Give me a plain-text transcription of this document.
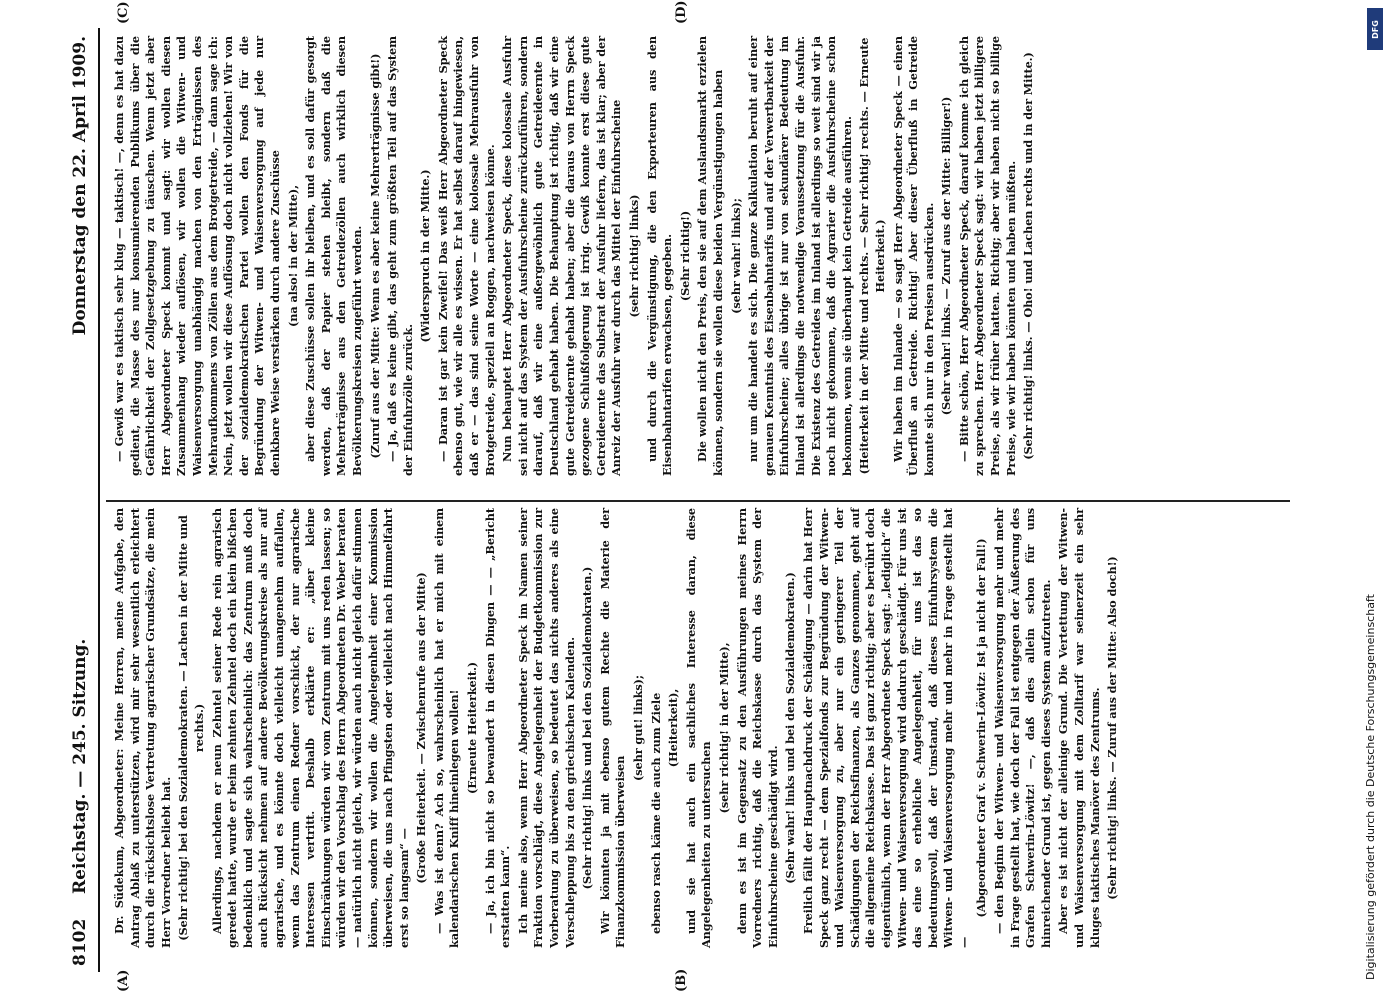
8102
Reichstag. — 245. Sitzung.
Donnerstag den 22. April 1909.
(A)	(B)
(C)	(D)

Dr. Südekum, Abgeordneter: Meine Herren, meine Aufgabe, den Antrag Ablaß zu unterstützen, wird mir sehr wesentlich erleichtert durch die rücksichtslose Vertretung agrarischer Grundsätze, die mein Herr Vorredner beliebt hat. (Sehr richtig! bei den Sozialdemokraten. — Lachen in der Mitte und rechts.) Allerdings, nachdem er neun Zehntel seiner Rede rein agrarisch geredet hatte, wurde er beim zehnten Zehntel doch ein klein bißchen bedenklich und sagte sich wahrscheinlich: das Zentrum muß doch auch Rücksicht nehmen auf andere Bevölkerungskreise als nur auf agrarische, und es könnte doch vielleicht unangenehm auffallen, wenn das Zentrum einen Redner vorschickt, der nur agrarische Interessen vertritt. Deshalb erklärte er: „über kleine Einschränkungen würden wir vom Zentrum mit uns reden lassen; so würden wir den Vorschlag des Herrn Abgeordneten Dr. Weber beraten — natürlich nicht gleich, wir würden auch nicht gleich dafür stimmen können, sondern wir wollen die Angelegenheit einer Kommission überweisen, die uns nach Pfingsten oder vielleicht nach Himmelfahrt erst so langsam“ —

(Große Heiterkeit. — Zwischenrufe aus der Mitte) — Was ist denn? Ach so, wahrscheinlich hat er mich mit einem kalendarischen Kniff hineinlegen wollen! (Erneute Heiterkeit.) — Ja, ich bin nicht so bewandert in diesen Dingen — — „Bericht erstatten kann“. Ich meine also, wenn Herr Abgeordneter Speck im Namen seiner Fraktion vorschlägt, diese Angelegenheit der Budgetkommission zur Vorberatung zu überweisen, so bedeutet das nichts anderes als eine Verschleppung bis zu den griechischen Kalenden. (Sehr richtig! links und bei den Sozialdemokraten.) Wir könnten ja mit ebenso gutem Rechte die Materie der Finanzkommission überweisen

(sehr gut! links); ebenso rasch käme die auch zum Ziele (Heiterkeit), und sie hat auch ein sachliches Interesse daran, diese Angelegenheiten zu untersuchen

(sehr richtig! in der Mitte), denn es ist im Gegensatz zu den Ausführungen meines Herrn Vorredners richtig, daß die Reichskasse durch das System der Einfuhrscheine geschädigt wird. (Sehr wahr! links und bei den Sozialdemokraten.) Freilich fällt der Hauptnachdruck der Schädigung — darin hat Herr Speck ganz recht — dem Spezialfonds zur Begründung der Witwen- und Waisenversorgung zu, aber nur ein geringerer Teil der Schädigungen der Reichsfinanzen, als Ganzes genommen, geht auf die allgemeine Reichskasse. Das ist ganz richtig; aber es berührt doch eigentümlich, wenn der Herr Abgeordnete Speck sagt: „lediglich“ die Witwen- und Waisenversorgung wird dadurch geschädigt. Für uns ist das eine so erhebliche Angelegenheit, für uns ist das so bedeutungsvoll, daß der Umstand, daß dieses Einfuhrsystem die Witwen- und Waisenversorgung mehr und mehr in Frage gestellt hat —

(Abgeordneter Graf v. Schwerin-Löwitz: Ist ja nicht der Fall!) — den Beginn der Witwen- und Waisenversorgung mehr und mehr in Frage gestellt hat, wie doch der Fall ist entgegen der Äußerung des Grafen Schwerin-Löwitz! —, daß dies allein schon für uns hinreichender Grund ist, gegen dieses System aufzutreten. Aber es ist nicht der alleinige Grund. Die Vertettung der Witwen- und Waisenversorgung mit dem Zolltarif war seinerzeit ein sehr kluges taktisches Manöver des Zentrums. (Sehr richtig! links. — Zuruf aus der Mitte: Also doch!)

— Gewiß war es taktisch sehr klug — taktisch! —, denn es hat dazu gedient, die Masse des nur konsumierenden Publikums über die Gefährlichkeit der Zollgesetzgebung zu täuschen. Wenn jetzt aber Herr Abgeordneter Speck kommt und sagt: wir wollen diesen Zusammenhang wieder auflösen, wir wollen die Witwen- und Waisenversorgung unabhängig machen von den Erträgnissen des Mehraufkommens von Zöllen aus dem Brotgetreide, — dann sage ich: Nein, jetzt wollen wir diese Auflösung doch nicht vollziehen! Wir von der sozialdemokratischen Partei wollen den Fonds für die Begründung der Witwen- und Waisenversorgung auf jede nur denkbare Weise verstärken durch andere Zuschüsse (na also! in der Mitte), aber diese Zuschüsse sollen ihr bleiben, und es soll dafür gesorgt werden, daß der Papier stehen bleibt, sondern daß die Mehrerträgnisse aus den Getreidezöllen auch wirklich diesen Bevölkerungskreisen zugeführt werden. (Zuruf aus der Mitte: Wenn es aber keine Mehrerträgnisse gibt!) — Ja, daß es keine gibt, das geht zum größten Teil auf das System der Einfuhrzölle zurück.

(Widerspruch in der Mitte.) — Daran ist gar kein Zweifel! Das weiß Herr Abgeordneter Speck ebenso gut, wie wir alle es wissen. Er hat selbst darauf hingewiesen, daß er — das sind seine Worte — eine kolossale Mehrausfuhr von Brotgetreide, speziell an Roggen, nachweisen könne. Nun behauptet Herr Abgeordneter Speck, diese kolossale Ausfuhr sei nicht auf das System der Ausfuhrscheine zurückzuführen, sondern darauf, daß wir eine außergewöhnlich gute Getreideernte in Deutschland gehabt haben. Die Behauptung ist richtig, daß wir eine gute Getreideernte gehabt haben; aber die daraus von Herrn Speck gezogene Schlußfolgerung ist irrig. Gewiß konnte erst diese gute Getreideernte das Substrat der Ausfuhr liefern, das ist klar; aber der Anreiz der Ausfuhr war durch das Mittel der Einfuhrscheine (sehr richtig! links) und durch die Vergünstigung, die den Exporteuren aus den Eisenbahntarifen erwachsen, gegeben. (Sehr richtig!) Die wollen nicht den Preis, den sie auf dem Auslandsmarkt erzielen können, sondern sie wollen diese beiden Vergünstigungen haben (sehr wahr! links); nur um die handelt es sich. Die ganze Kalkulation beruht auf einer genauen Kenntnis des Eisenbahntarifs und auf der Verwertbarkeit der Einfuhrscheine; alles übrige ist nur von sekundärer Bedeutung im Inland ist allerdings die notwendige Voraussetzung für die Ausfuhr. Die Existenz des Getreides im Inland ist allerdings so weit sind wir ja noch nicht gekommen, daß die Agrarier die Ausfuhrscheine schon bekommen, wenn sie überhaupt kein Getreide ausführen. (Heiterkeit in der Mitte und rechts. — Sehr richtig! rechts. — Erneute Heiterkeit.) Wir haben im Inlande — so sagt Herr Abgeordneter Speck — einen Überfluß an Getreide. Richtig! Aber dieser Überfluß in Getreide konnte sich nur in den Preisen ausdrücken. (Sehr wahr! links. — Zuruf aus der Mitte: Billiger!) — Bitte schön, Herr Abgeordneter Speck, darauf komme ich gleich zu sprechen. Herr Abgeordneter Speck sagt: wir haben jetzt billigere Preise, als wir früher hatten. Richtig; aber wir haben nicht so billige Preise, wie wir haben könnten und haben müßten. (Sehr richtig! links. — Oho! und Lachen rechts und in der Mitte.)

Digitalisierung gefördert durch die Deutsche Forschungsgemeinschaft
DFG
